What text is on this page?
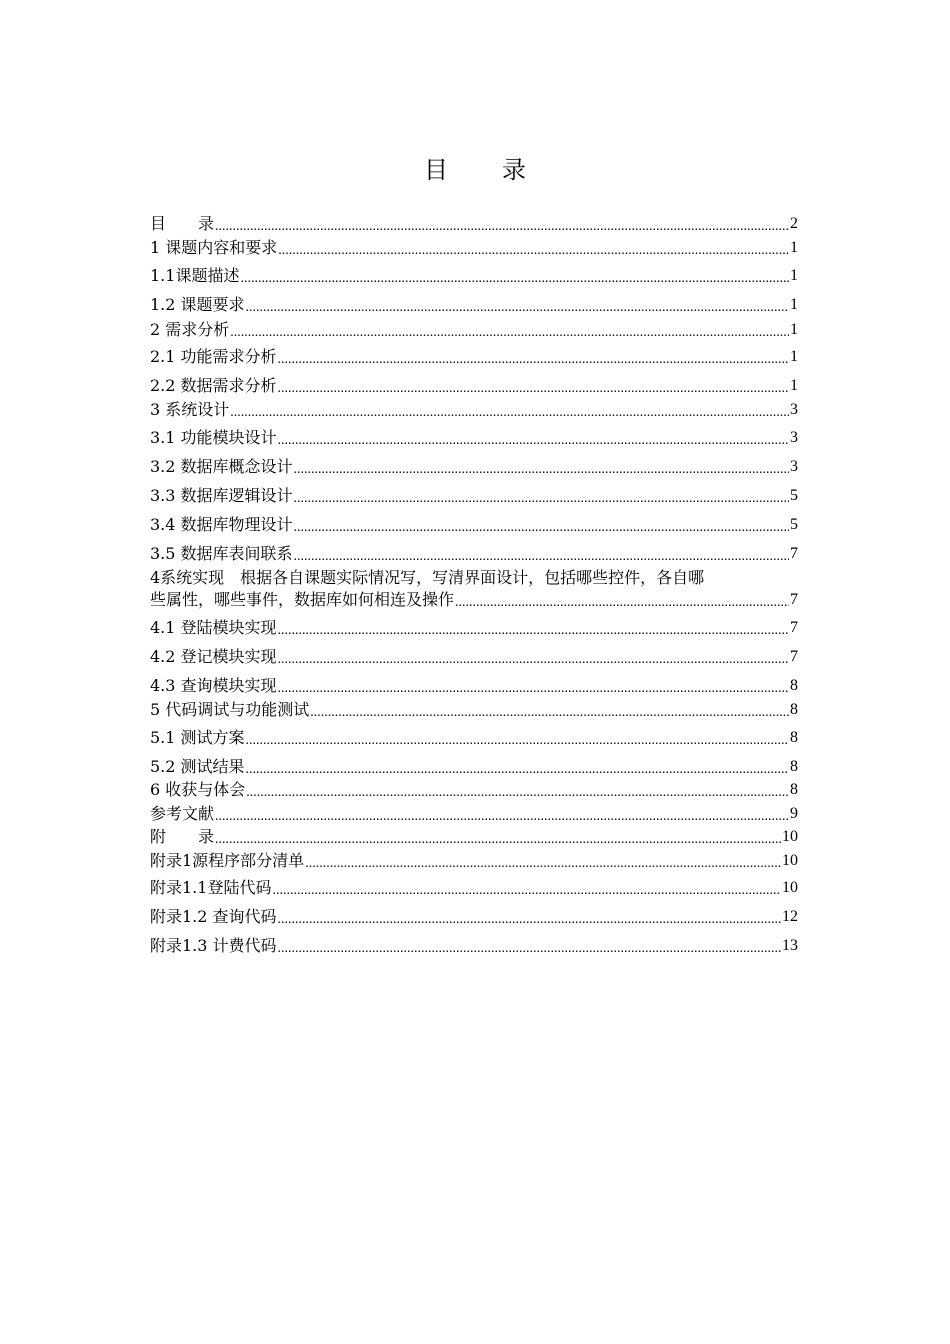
目 录
目　　录 .....	2
1 课题内容和要求 .....	1
1.1课题描述 .....	1
1.2 课题要求 .....	1
2 需求分析 .....	1
2.1 功能需求分析 .....	1
2.2 数据需求分析 .....	1
3 系统设计 .....	3
3.1 功能模块设计 .....	3
3.2 数据库概念设计 .....	3
3.3 数据库逻辑设计 .....	5
3.4 数据库物理设计 .....	5
3.5 数据库表间联系 .....	7
4系统实现　根据各自课题实际情况写，写清界面设计，包括哪些控件，各自哪
些属性，哪些事件，数据库如何相连及操作 .....	7
4.1 登陆模块实现 .....	7
4.2 登记模块实现 .....	7
4.3 查询模块实现 .....	8
5 代码调试与功能测试 .....	8
5.1 测试方案 .....	8
5.2 测试结果 .....	8
6 收获与体会 .....	8
参考文献 .....	9
附　　录 .....	10
附录1源程序部分清单 .....	10
附录1.1登陆代码 .....	10
附录1.2 查询代码 .....	12
附录1.3 计费代码 .....	13
